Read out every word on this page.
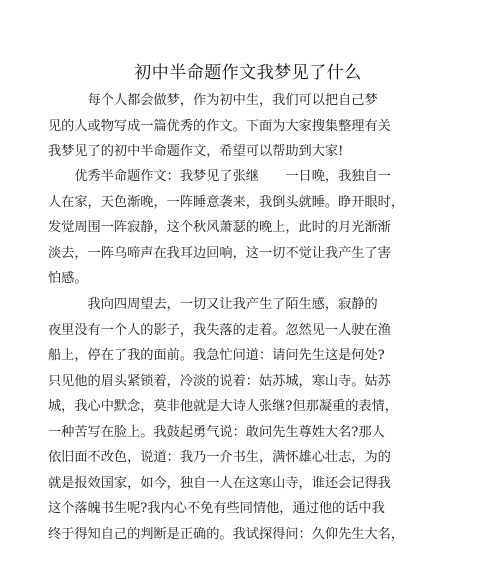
初中半命题作文我梦见了什么

　　　每个人都会做梦，作为初中生，我们可以把自己梦
见的人或物写成一篇优秀的作文。下面为大家搜集整理有关
我梦见了的初中半命题作文，希望可以帮助到大家!

　　优秀半命题作文：我梦见了张继　　一日晚，我独自一
人在家，天色渐晚，一阵睡意袭来，我倒头就睡。睁开眼时，
发觉周围一阵寂静，这个秋风萧瑟的晚上，此时的月光渐渐
淡去，一阵乌啼声在我耳边回响，这一切不觉让我产生了害
怕感。

　　　我向四周望去，一切又让我产生了陌生感，寂静的
夜里没有一个人的影子，我失落的走着。忽然见一人驶在渔
船上，停在了我的面前。我急忙问道：请问先生这是何处?
只见他的眉头紧锁着，冷淡的说着：姑苏城，寒山寺。姑苏
城，我心中默念，莫非他就是大诗人张继?但那凝重的表情，
一种苦写在脸上。我鼓起勇气说：敢问先生尊姓大名?那人
依旧面不改色，说道：我乃一介书生，满怀雄心壮志，为的
就是报效国家，如今，独自一人在这寒山寺，谁还会记得我
这个落魄书生呢?我内心不免有些同情他，通过他的话中我
终于得知自己的判断是正确的。我试探得问：久仰先生大名，
